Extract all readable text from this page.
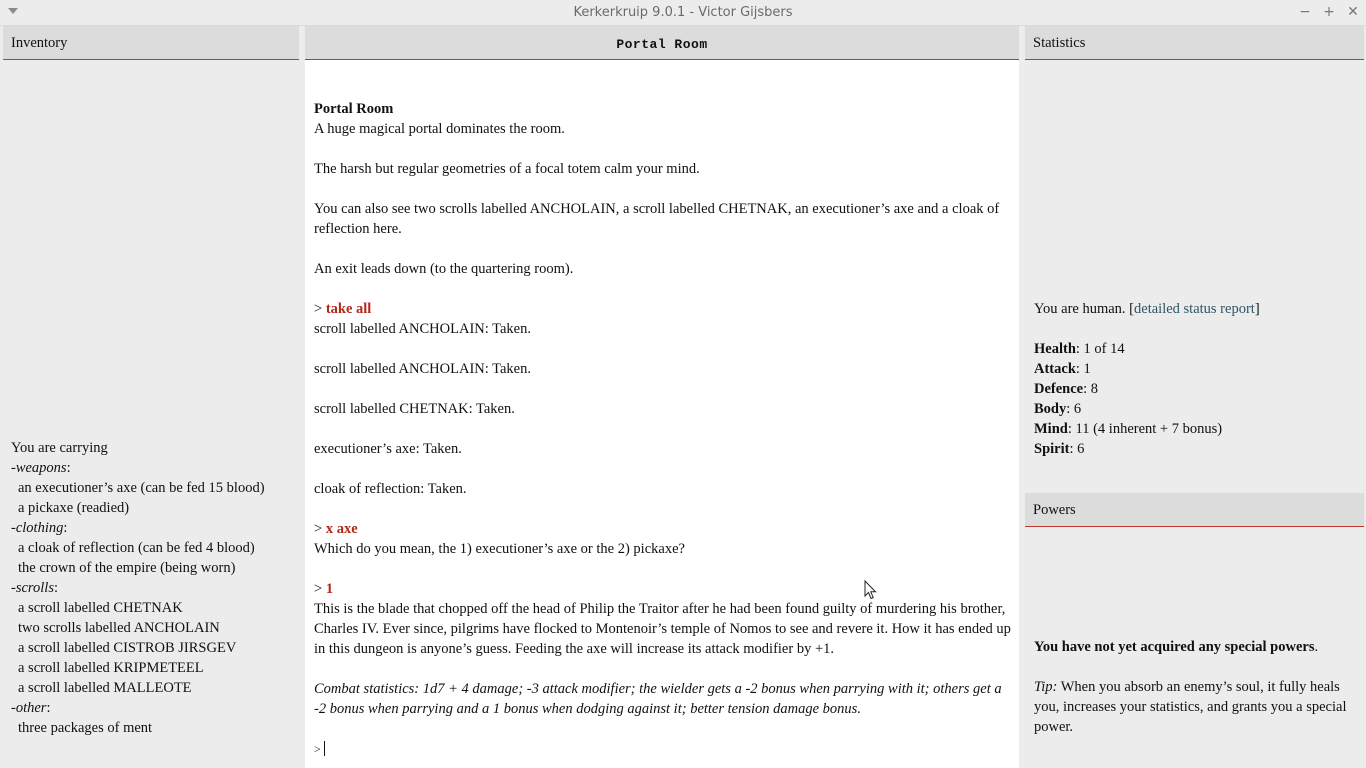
Kerkerkruip 9.0.1 - Victor Gijsbers	− + ✕
Inventory
You are carrying
-weapons:
an executioner’s axe (can be fed 15 blood)
a pickaxe (readied)
-clothing:
a cloak of reflection (can be fed 4 blood)
the crown of the empire (being worn)
-scrolls:
a scroll labelled CHETNAK
two scrolls labelled ANCHOLAIN
a scroll labelled CISTROB JIRSGEV
a scroll labelled KRIPMETEEL
a scroll labelled MALLEOTE
-other:
three packages of ment
Portal Room
Portal Room
A huge magical portal dominates the room.
The harsh but regular geometries of a focal totem calm your mind.
You can also see two scrolls labelled ANCHOLAIN, a scroll labelled CHETNAK, an executioner’s axe and a cloak of reflection here.
An exit leads down (to the quartering room).
> take all
scroll labelled ANCHOLAIN: Taken.
scroll labelled ANCHOLAIN: Taken.
scroll labelled CHETNAK: Taken.
executioner’s axe: Taken.
cloak of reflection: Taken.
> x axe
Which do you mean, the 1) executioner’s axe or the 2) pickaxe?
> 1
This is the blade that chopped off the head of Philip the Traitor after he had been found guilty of murdering his brother, Charles IV. Ever since, pilgrims have flocked to Montenoir’s temple of Nomos to see and revere it. How it has ended up in this dungeon is anyone’s guess. Feeding the axe will increase its attack modifier by +1.
Combat statistics: 1d7 + 4 damage; -3 attack modifier; the wielder gets a -2 bonus when parrying with it; others get a -2 bonus when parrying and a 1 bonus when dodging against it; better tension damage bonus.
>
Statistics
You are human. [detailed status report]
Health: 1 of 14
Attack: 1
Defence: 8
Body: 6
Mind: 11 (4 inherent + 7 bonus)
Spirit: 6
Powers
You have not yet acquired any special powers.
Tip: When you absorb an enemy’s soul, it fully heals you, increases your statistics, and grants you a special power.
